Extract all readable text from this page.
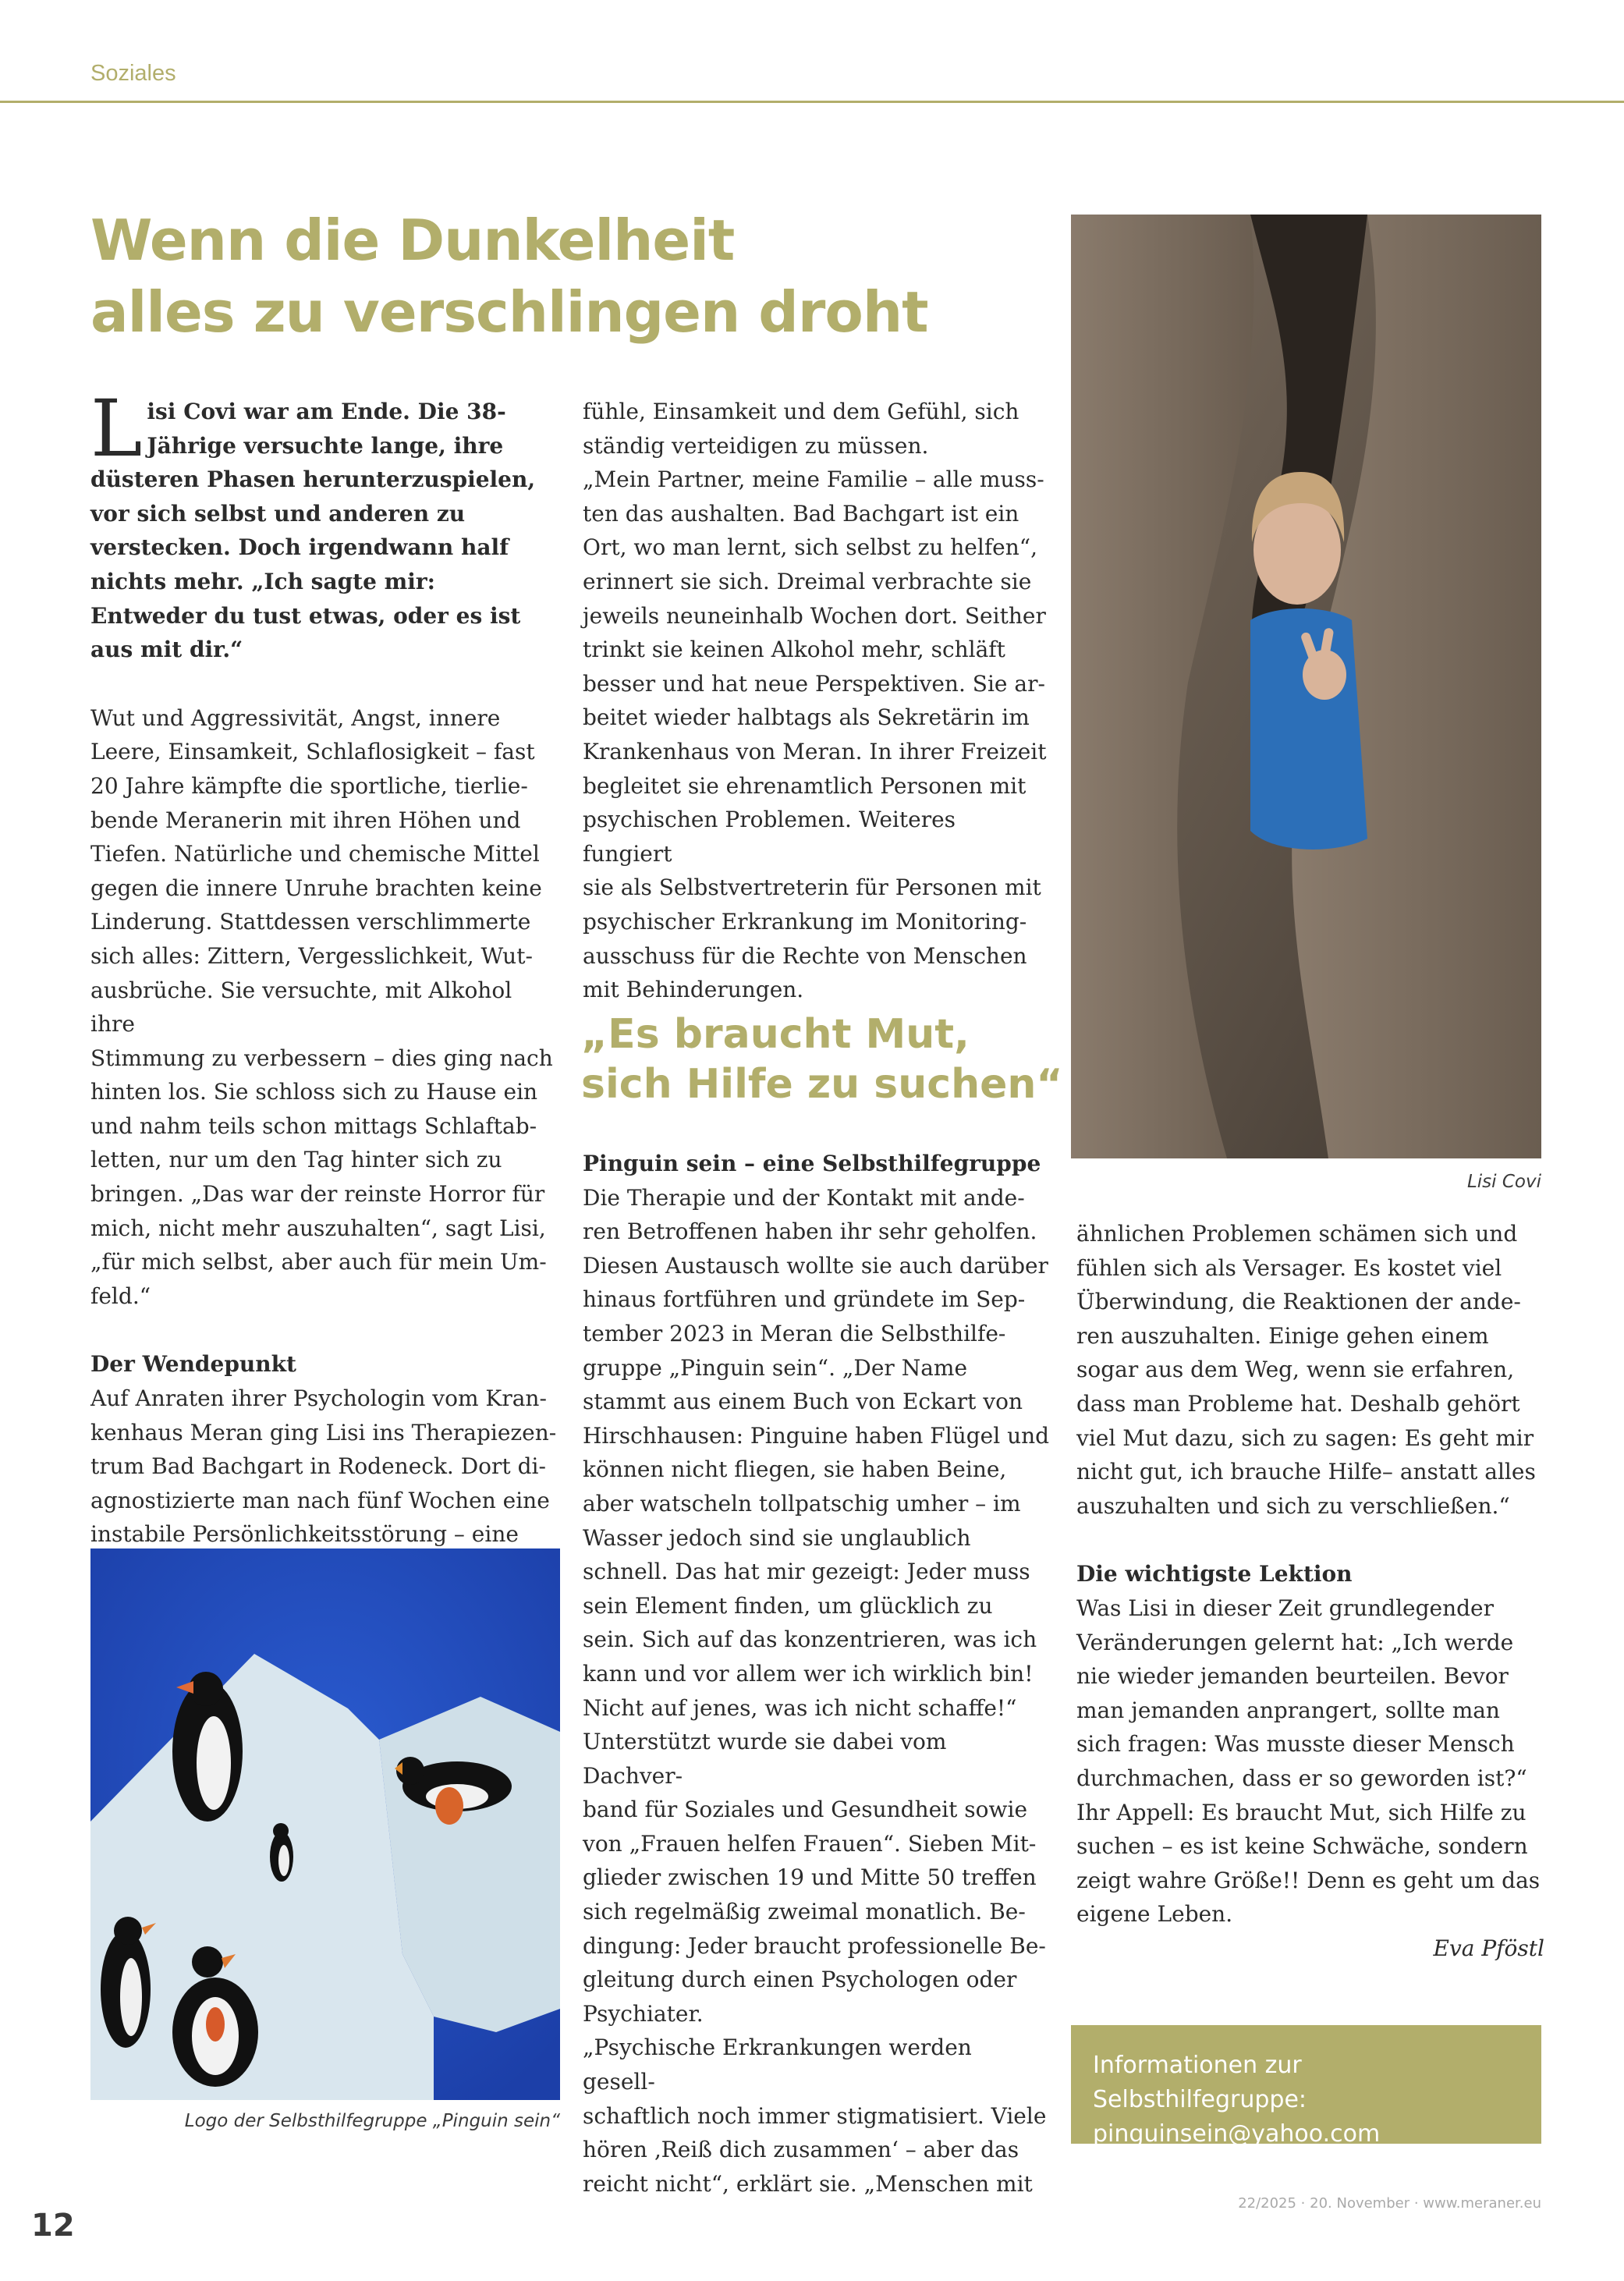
Soziales
Wenn die Dunkelheit
alles zu verschlingen droht

Lisi Covi war am Ende. Die 38-Jährige versuchte lange, ihre düsteren Phasen herunterzuspielen, vor sich selbst und anderen zu verstecken. Doch irgendwann half nichts mehr. „Ich sagte mir: Entweder du tust etwas, oder es ist aus mit dir.“

Wut und Aggressivität, Angst, innere
Leere, Einsamkeit, Schlaflosigkeit – fast
20 Jahre kämpfte die sportliche, tierlie-
bende Meranerin mit ihren Höhen und
Tiefen. Natürliche und chemische Mittel
gegen die innere Unruhe brachten keine
Linderung. Stattdessen verschlimmerte
sich alles: Zittern, Vergesslichkeit, Wut-
ausbrüche. Sie versuchte, mit Alkohol ihre
Stimmung zu verbessern – dies ging nach
hinten los. Sie schloss sich zu Hause ein
und nahm teils schon mittags Schlaftab-
letten, nur um den Tag hinter sich zu
bringen. „Das war der reinste Horror für
mich, nicht mehr auszuhalten“, sagt Lisi,
„für mich selbst, aber auch für mein Um-
feld.“

Der Wendepunkt

Auf Anraten ihrer Psychologin vom Kran-
kenhaus Meran ging Lisi ins Therapiezen-
trum Bad Bachgart in Rodeneck. Dort di-
agnostizierte man nach fünf Wochen eine
instabile Persönlichkeitsstörung – eine

Logo der Selbsthilfegruppe „Pinguin sein“

fühle, Einsamkeit und dem Gefühl, sich
ständig verteidigen zu müssen.
„Mein Partner, meine Familie – alle muss-
ten das aushalten. Bad Bachgart ist ein
Ort, wo man lernt, sich selbst zu helfen“,
erinnert sie sich. Dreimal verbrachte sie
jeweils neuneinhalb Wochen dort. Seither
trinkt sie keinen Alkohol mehr, schläft
besser und hat neue Perspektiven. Sie ar-
beitet wieder halbtags als Sekretärin im
Krankenhaus von Meran. In ihrer Freizeit
begleitet sie ehrenamtlich Personen mit
psychischen Problemen. Weiteres fungiert
sie als Selbstvertreterin für Personen mit
psychischer Erkrankung im Monitoring-
ausschuss für die Rechte von Menschen
mit Behinderungen.

„Es braucht Mut,
sich Hilfe zu suchen“

Pinguin sein – eine Selbsthilfegruppe

Die Therapie und der Kontakt mit ande-
ren Betroffenen haben ihr sehr geholfen.
Diesen Austausch wollte sie auch darüber
hinaus fortführen und gründete im Sep-
tember 2023 in Meran die Selbsthilfe-
gruppe „Pinguin sein“. „Der Name
stammt aus einem Buch von Eckart von
Hirschhausen: Pinguine haben Flügel und
können nicht fliegen, sie haben Beine,
aber watscheln tollpatschig umher – im
Wasser jedoch sind sie unglaublich
schnell. Das hat mir gezeigt: Jeder muss
sein Element finden, um glücklich zu
sein. Sich auf das konzentrieren, was ich
kann und vor allem wer ich wirklich bin!
Nicht auf jenes, was ich nicht schaffe!“
Unterstützt wurde sie dabei vom Dachver-
band für Soziales und Gesundheit sowie
von „Frauen helfen Frauen“. Sieben Mit-
glieder zwischen 19 und Mitte 50 treffen
sich regelmäßig zweimal monatlich. Be-
dingung: Jeder braucht professionelle Be-
gleitung durch einen Psychologen oder
Psychiater.
„Psychische Erkrankungen werden gesell-
schaftlich noch immer stigmatisiert. Viele
hören ‚Reiß dich zusammen‘ – aber das
reicht nicht“, erklärt sie. „Menschen mit

Lisi Covi

ähnlichen Problemen schämen sich und
fühlen sich als Versager. Es kostet viel
Überwindung, die Reaktionen der ande-
ren auszuhalten. Einige gehen einem
sogar aus dem Weg, wenn sie erfahren,
dass man Probleme hat. Deshalb gehört
viel Mut dazu, sich zu sagen: Es geht mir
nicht gut, ich brauche Hilfe– anstatt alles
auszuhalten und sich zu verschließen.“

Die wichtigste Lektion

Was Lisi in dieser Zeit grundlegender
Veränderungen gelernt hat: „Ich werde
nie wieder jemanden beurteilen. Bevor
man jemanden anprangert, sollte man
sich fragen: Was musste dieser Mensch
durchmachen, dass er so geworden ist?“
Ihr Appell: Es braucht Mut, sich Hilfe zu
suchen – es ist keine Schwäche, sondern
zeigt wahre Größe!! Denn es geht um das
eigene Leben.

Eva Pföstl

Informationen zur Selbsthilfegruppe:
pinguinsein@yahoo.com
12
22/2025 · 20. November · www.meraner.eu
